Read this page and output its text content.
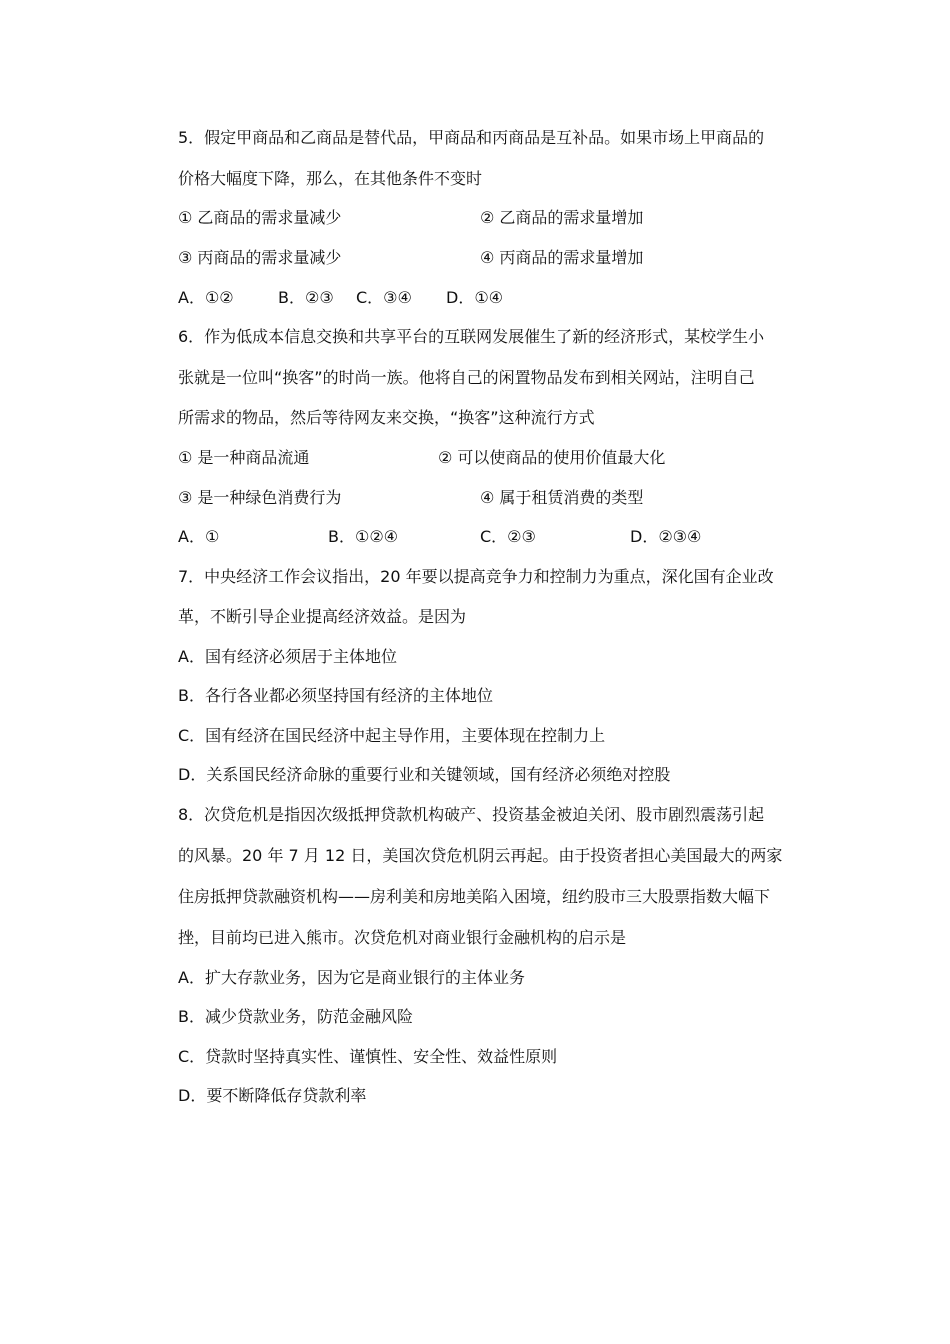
5．假定甲商品和乙商品是替代品，甲商品和丙商品是互补品。如果市场上甲商品的
价格大幅度下降，那么，在其他条件不变时
① 乙商品的需求量减少	② 乙商品的需求量增加
③ 丙商品的需求量减少	④ 丙商品的需求量增加
A．①②	B．②③ C．③④ D．①④
6．作为低成本信息交换和共享平台的互联网发展催生了新的经济形式，某校学生小
张就是一位叫“换客”的时尚一族。他将自己的闲置物品发布到相关网站，注明自己
所需求的物品，然后等待网友来交换，“换客”这种流行方式
① 是一种商品流通	② 可以使商品的使用价值最大化
③ 是一种绿色消费行为	④ 属于租赁消费的类型
A．①	B．①②④	C．②③	D．②③④
7．中央经济工作会议指出，20 年要以提高竞争力和控制力为重点，深化国有企业改
革，不断引导企业提高经济效益。是因为
A．国有经济必须居于主体地位
B．各行各业都必须坚持国有经济的主体地位
C．国有经济在国民经济中起主导作用，主要体现在控制力上
D．关系国民经济命脉的重要行业和关键领域，国有经济必须绝对控股
8．次贷危机是指因次级抵押贷款机构破产、投资基金被迫关闭、股市剧烈震荡引起
的风暴。20 年 7 月 12 日，美国次贷危机阴云再起。由于投资者担心美国最大的两家
住房抵押贷款融资机构——房利美和房地美陷入困境，纽约股市三大股票指数大幅下
挫，目前均已进入熊市。次贷危机对商业银行金融机构的启示是
A．扩大存款业务，因为它是商业银行的主体业务
B．减少贷款业务，防范金融风险
C．贷款时坚持真实性、谨慎性、安全性、效益性原则
D．要不断降低存贷款利率
